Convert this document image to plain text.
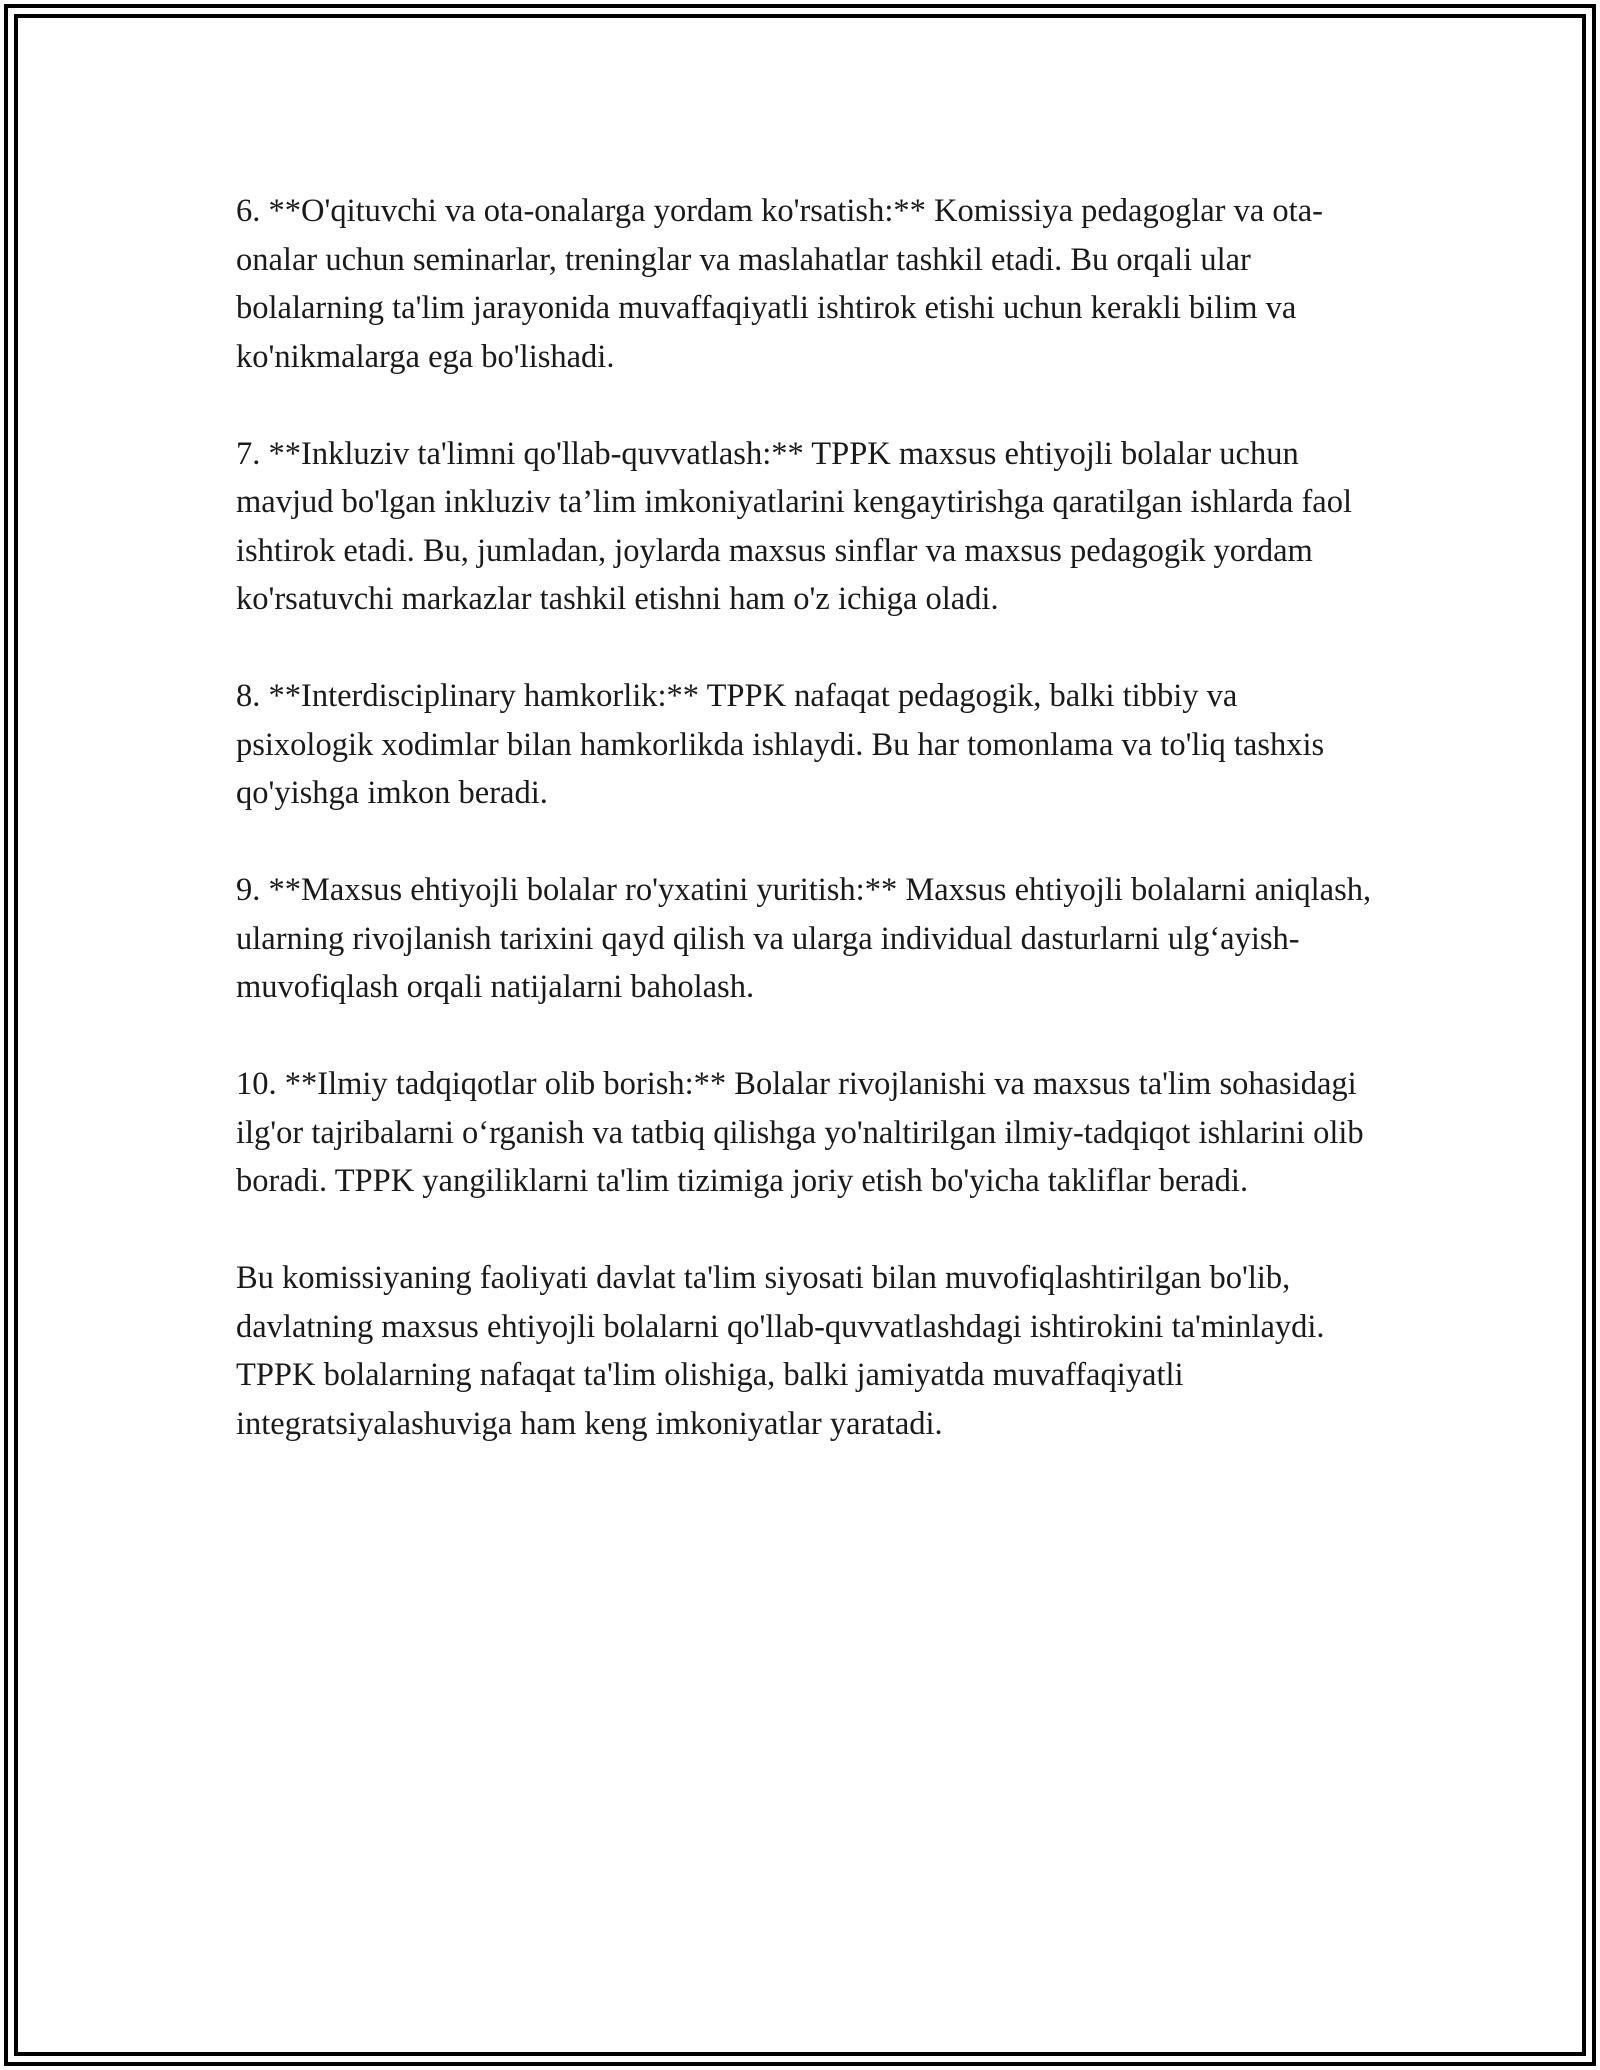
6. **O'qituvchi va ota-onalarga yordam ko'rsatish:** Komissiya pedagoglar va ota-onalar uchun seminarlar, treninglar va maslahatlar tashkil etadi. Bu orqali ular bolalarning ta'lim jarayonida muvaffaqiyatli ishtirok etishi uchun kerakli bilim va ko'nikmalarga ega bo'lishadi.

7. **Inkluziv ta'limni qo'llab-quvvatlash:** TPPK maxsus ehtiyojli bolalar uchun mavjud bo'lgan inkluziv ta’lim imkoniyatlarini kengaytirishga qaratilgan ishlarda faol ishtirok etadi. Bu, jumladan, joylarda maxsus sinflar va maxsus pedagogik yordam ko'rsatuvchi markazlar tashkil etishni ham o'z ichiga oladi.

8. **Interdisciplinary hamkorlik:** TPPK nafaqat pedagogik, balki tibbiy va psixologik xodimlar bilan hamkorlikda ishlaydi. Bu har tomonlama va to'liq tashxis qo'yishga imkon beradi.

9. **Maxsus ehtiyojli bolalar ro'yxatini yuritish:** Maxsus ehtiyojli bolalarni aniqlash, ularning rivojlanish tarixini qayd qilish va ularga individual dasturlarni ulg‘ayish-muvofiqlash orqali natijalarni baholash.

10. **Ilmiy tadqiqotlar olib borish:** Bolalar rivojlanishi va maxsus ta'lim sohasidagi ilg'or tajribalarni o‘rganish va tatbiq qilishga yo'naltirilgan ilmiy-tadqiqot ishlarini olib boradi. TPPK yangiliklarni ta'lim tizimiga joriy etish bo'yicha takliflar beradi.

Bu komissiyaning faoliyati davlat ta'lim siyosati bilan muvofiqlashtirilgan bo'lib, davlatning maxsus ehtiyojli bolalarni qo'llab-quvvatlashdagi ishtirokini ta'minlaydi. TPPK bolalarning nafaqat ta'lim olishiga, balki jamiyatda muvaffaqiyatli integratsiyalashuviga ham keng imkoniyatlar yaratadi.
